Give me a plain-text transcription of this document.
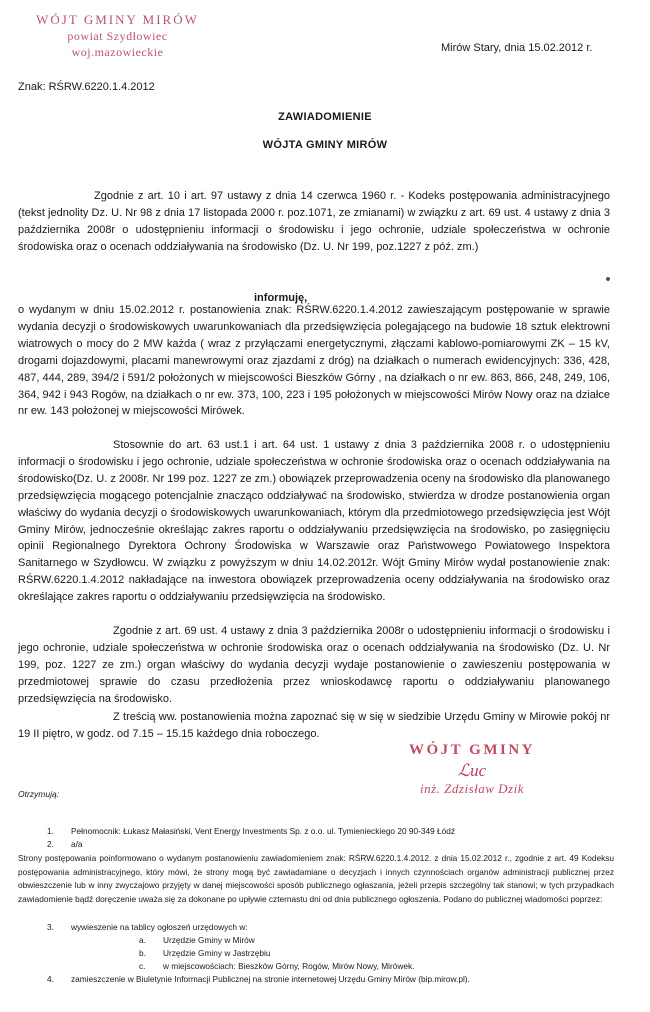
WÓJT GMINY MIRÓW
powiat Szydłowiec
woj.mazowieckie	Mirów Stary, dnia 15.02.2012 r.
Znak: RŚRW.6220.1.4.2012
ZAWIADOMIENIE
WÓJTA GMINY MIRÓW

Zgodnie z art. 10 i art. 97 ustawy z dnia 14 czerwca 1960 r. - Kodeks postępowania administracyjnego (tekst jednolity Dz. U. Nr 98 z dnia 17 listopada 2000 r. poz.1071, ze zmianami) w związku z art. 69 ust. 4 ustawy z dnia 3 października 2008r o udostępnieniu informacji o środowisku i jego ochronie, udziale społeczeństwa w ochronie środowiska oraz o ocenach oddziaływania na środowisko (Dz. U. Nr 199, poz.1227 z póź. zm.)

informuję,

o wydanym w dniu 15.02.2012 r. postanowienia znak: RŚRW.6220.1.4.2012 zawieszającym postępowanie w sprawie wydania decyzji o środowiskowych uwarunkowaniach dla przedsięwzięcia polegającego na budowie 18 sztuk elektrowni wiatrowych o mocy do 2 MW każda ( wraz z przyłączami energetycznymi, złączami kablowo-pomiarowymi ZK – 15 kV, drogami dojazdowymi, placami manewrowymi oraz zjazdami z dróg) na działkach o numerach ewidencyjnych: 336, 428, 487, 444, 289, 394/2 i 591/2 położonych w miejscowości Bieszków Górny , na działkach o nr ew. 863, 866, 248, 249, 106, 364, 942 i 943 Rogów, na działkach o nr ew. 373, 100, 223 i 195 położonych w miejscowości Mirów Nowy oraz na działce nr ew. 143 położonej w miejscowości Mirówek.

Stosownie do art. 63 ust.1 i art. 64 ust. 1 ustawy z dnia 3 października 2008 r. o udostępnieniu informacji o środowisku i jego ochronie, udziale społeczeństwa w ochronie środowiska oraz o ocenach oddziaływania na środowisko(Dz. U. z 2008r. Nr 199 poz. 1227 ze zm.) obowiązek przeprowadzenia oceny na środowisko dla planowanego przedsięwzięcia mogącego potencjalnie znacząco oddziaływać na środowisko, stwierdza w drodze postanowienia organ właściwy do wydania decyzji o środowiskowych uwarunkowaniach, którym dla przedmiotowego przedsięwzięcia jest Wójt Gminy Mirów, jednocześnie określając zakres raportu o oddziaływaniu przedsięwzięcia na środowisko, po zasięgnięciu opinii Regionalnego Dyrektora Ochrony Środowiska w Warszawie oraz Państwowego Powiatowego Inspektora Sanitarnego w Szydłowcu. W związku z powyższym w dniu 14.02.2012r. Wójt Gminy Mirów wydał postanowienie znak: RŚRW.6220.1.4.2012 nakładające na inwestora obowiązek przeprowadzenia oceny oddziaływania na środowisko oraz określające zakres raportu o oddziaływaniu przedsięwzięcia na środowisko.

Zgodnie z art. 69 ust. 4 ustawy z dnia 3 października 2008r o udostępnieniu informacji o środowisku i jego ochronie, udziale społeczeństwa w ochronie środowiska oraz o ocenach oddziaływania na środowisko (Dz. U. Nr 199, poz. 1227 ze zm.) organ właściwy do wydania decyzji wydaje postanowienie o zawieszeniu postępowania w przedmiotowej sprawie do czasu przedłożenia przez wnioskodawcę raportu o oddziaływaniu planowanego przedsięwzięcia na środowisko.

Z treścią ww. postanowienia można zapoznać się w się w siedzibie Urzędu Gminy w Mirowie pokój nr 19 II piętro, w godz. od 7.15 – 15.15 każdego dnia roboczego.

WÓJT GMINY
ℒuc
inż. Zdzisław Dzik
Otrzymują:
1. Pełnomocnik: Łukasz Małasiński, Vent Energy Investments Sp. z o.o. ul. Tymienieckiego 20 90-349 Łódź
2. a/a

Strony postępowania poinformowano o wydanym postanowieniu zawiadomieniem znak: RŚRW.6220.1.4.2012. z dnia 15.02.2012 r., zgodnie z art. 49 Kodeksu postępowania administracyjnego, który mówi, że strony mogą być zawiadamiane o decyzjach i innych czynnościach organów administracji publicznej przez obwieszczenie lub w inny zwyczajowo przyjęty w danej miejscowości sposób publicznego ogłaszania, jeżeli przepis szczególny tak stanowi; w tych przypadkach zawiadomienie bądź doręczenie uważa się za dokonane po upływie czternastu dni od dnia publicznego ogłoszenia. Podano do publicznej wiadomości poprzez:

3. wywieszenie na tablicy ogłoszeń urzędowych w:
a. Urzędzie Gminy w Mirów
b. Urzędzie Gminy w Jastrzębiu
c. w miejscowościach: Bieszków Górny, Rogów, Mirów Nowy, Mirówek.
4. zamieszczenie w Biuletynie Informacji Publicznej na stronie internetowej Urzędu Gminy Mirów (bip.mirow.pl).
